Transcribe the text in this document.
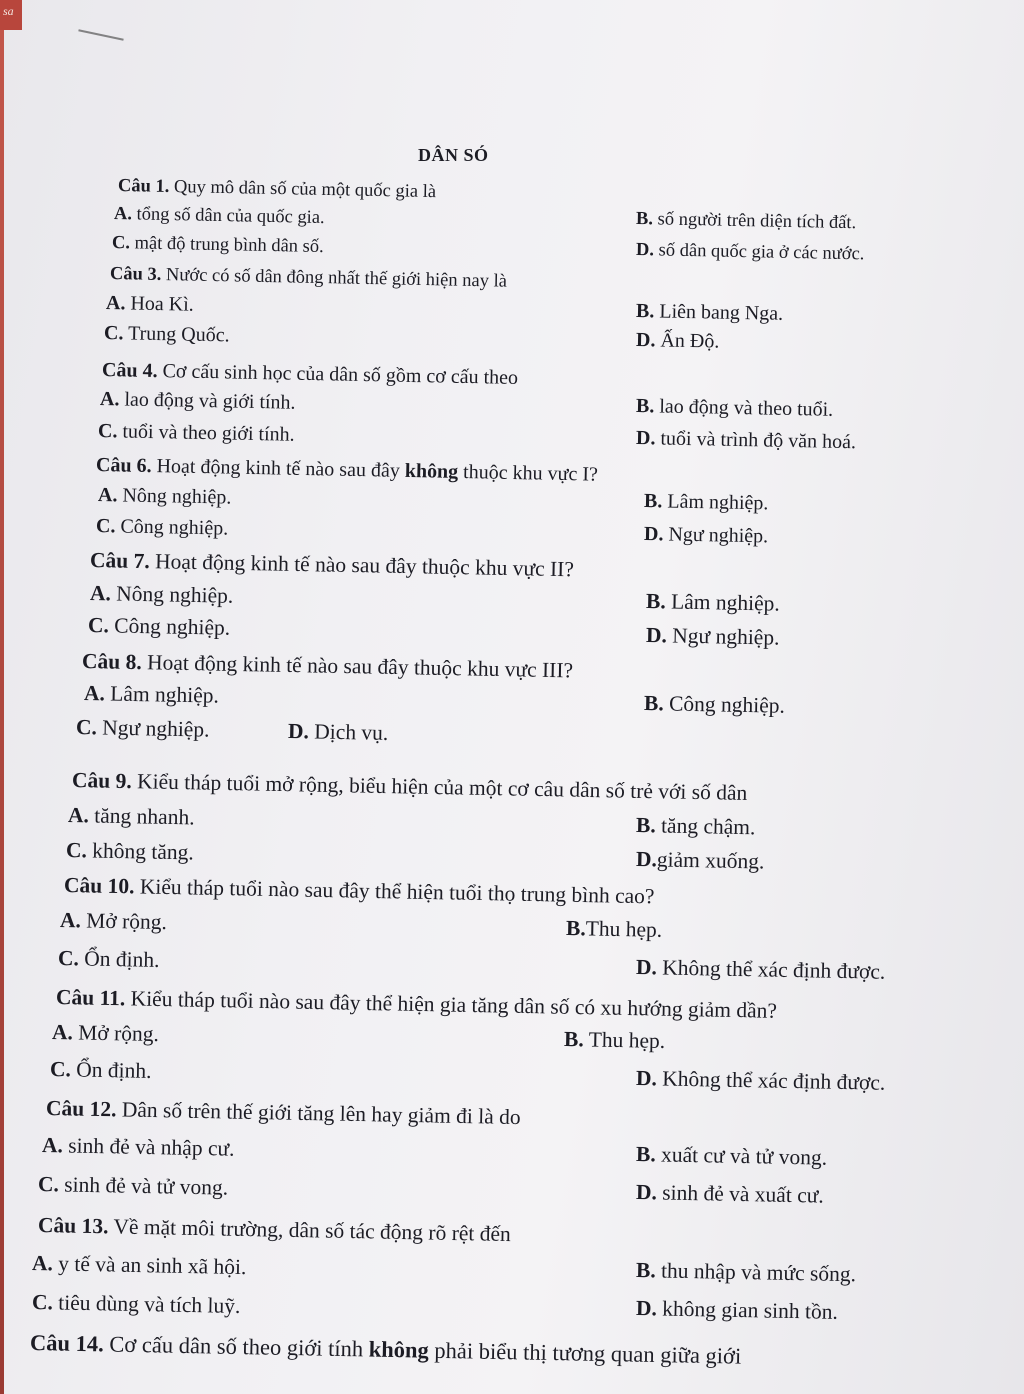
sa
DÂN SÓ
Câu 1. Quy mô dân số của một quốc gia là
A. tổng số dân của quốc gia.	B. số người trên diện tích đất.
C. mật độ trung bình dân số.	D. số dân quốc gia ở các nước.
Câu 3. Nước có số dân đông nhất thế giới hiện nay là
A. Hoa Kì.	B. Liên bang Nga.
C. Trung Quốc.	D. Ấn Độ.
Câu 4. Cơ cấu sinh học của dân số gồm cơ cấu theo
A. lao động và giới tính.	B. lao động và theo tuổi.
C. tuổi và theo giới tính.	D. tuổi và trình độ văn hoá.
Câu 6. Hoạt động kinh tế nào sau đây không thuộc khu vực I?
A. Nông nghiệp.	B. Lâm nghiệp.
C. Công nghiệp.	D. Ngư nghiệp.
Câu 7. Hoạt động kinh tế nào sau đây thuộc khu vực II?
A. Nông nghiệp.	B. Lâm nghiệp.
C. Công nghiệp.	D. Ngư nghiệp.
Câu 8. Hoạt động kinh tế nào sau đây thuộc khu vực III?
A. Lâm nghiệp.	B. Công nghiệp.
C. Ngư nghiệp.	D. Dịch vụ.
Câu 9. Kiểu tháp tuổi mở rộng, biểu hiện của một cơ câu dân số trẻ với số dân
A. tăng nhanh.	B. tăng chậm.
C. không tăng.	D.giảm xuống.
Câu 10. Kiểu tháp tuổi nào sau đây thể hiện tuổi thọ trung bình cao?
A. Mở rộng.	B.Thu hẹp.
C. Ổn định.	D. Không thể xác định được.
Câu 11. Kiểu tháp tuổi nào sau đây thể hiện gia tăng dân số có xu hướng giảm dần?
A. Mở rộng.	B. Thu hẹp.
C. Ổn định.	D. Không thể xác định được.
Câu 12. Dân số trên thế giới tăng lên hay giảm đi là do
A. sinh đẻ và nhập cư.	B. xuất cư và tử vong.
C. sinh đẻ và tử vong.	D. sinh đẻ và xuất cư.
Câu 13. Về mặt môi trường, dân số tác động rõ rệt đến
A. y tế và an sinh xã hội.	B. thu nhập và mức sống.
C. tiêu dùng và tích luỹ.	D. không gian sinh tồn.
Câu 14. Cơ cấu dân số theo giới tính không phải biểu thị tương quan giữa giới
